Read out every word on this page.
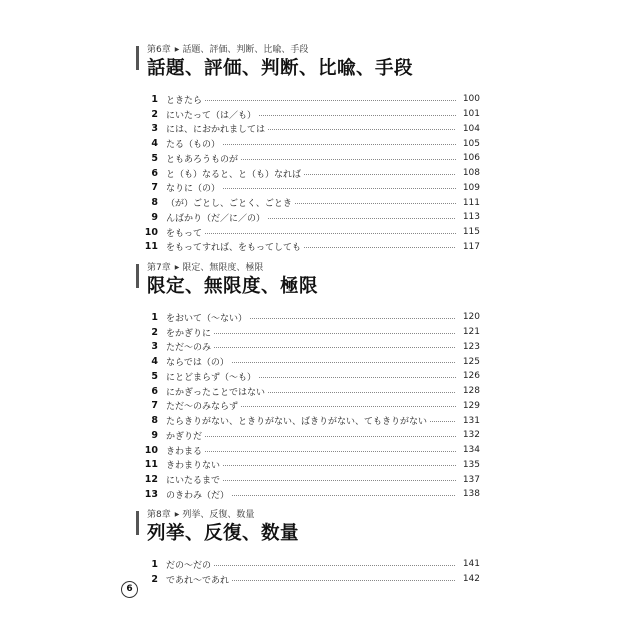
第6章 ▶ 話題、評価、判断、比喩、手段
話題、評価、判断、比喩、手段
1 ときたら	100
2 にいたって（は／も）	101
3 には、におかれましては	104
4 たる（もの）	105
5 ともあろうものが	106
6 と（も）なると、と（も）なれば	108
7 なりに（の）	109
8 （が）ごとし、ごとく、ごとき	111
9 んばかり（だ／に／の）	113
10 をもって	115
11 をもってすれば、をもってしても	117
第7章 ▶ 限定、無限度、極限
限定、無限度、極限
1 をおいて（～ない）	120
2 をかぎりに	121
3 ただ～のみ	123
4 ならでは（の）	125
5 にとどまらず（～も）	126
6 にかぎったことではない	128
7 ただ～のみならず	129
8 たらきりがない、ときりがない、ばきりがない、てもきりがない	131
9 かぎりだ	132
10 きわまる	134
11 きわまりない	135
12 にいたるまで	137
13 のきわみ（だ）	138
第8章 ▶ 列挙、反復、数量
列挙、反復、数量
1 だの～だの	141
2 であれ～であれ	142
6
